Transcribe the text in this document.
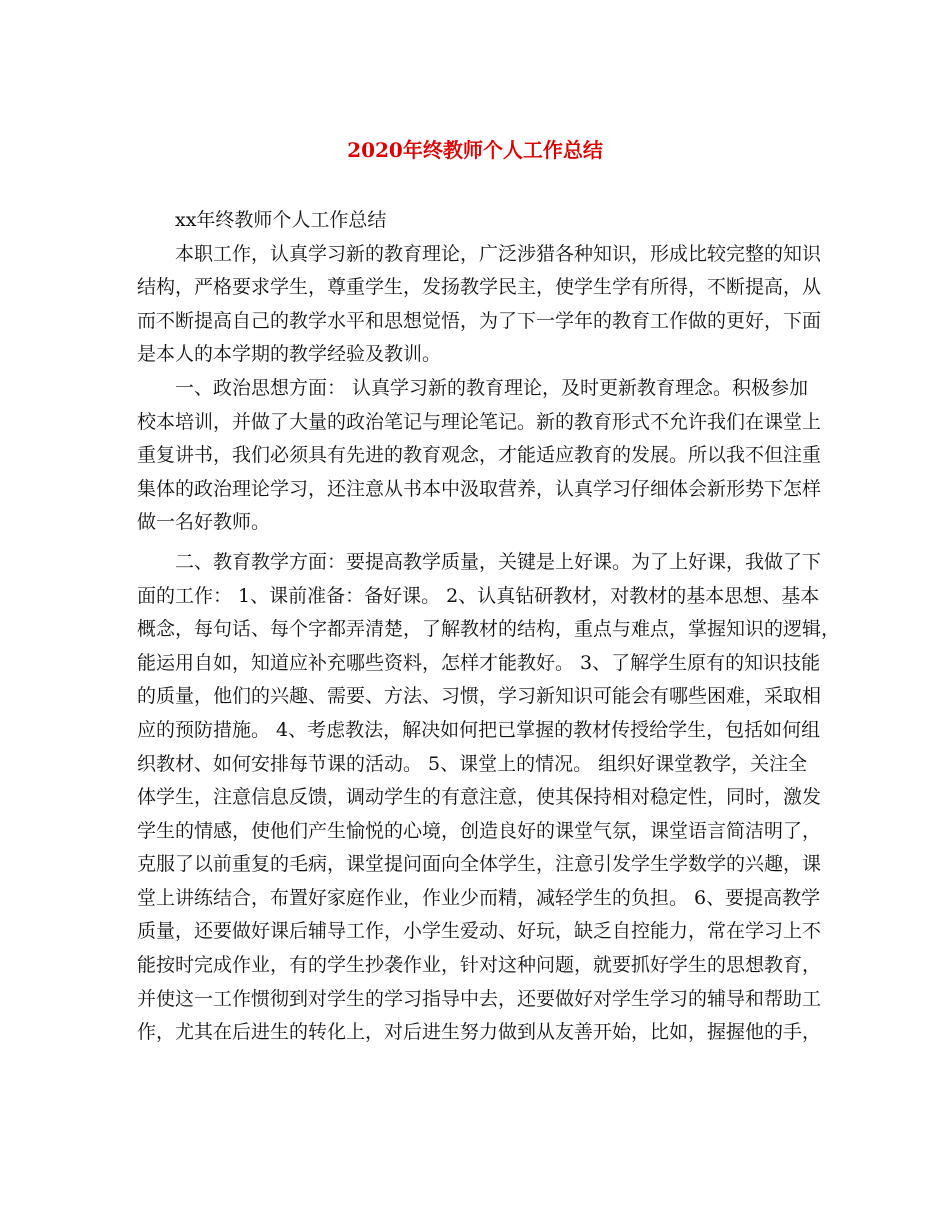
2020年终教师个人工作总结
xx年终教师个人工作总结
本职工作，认真学习新的教育理论，广泛涉猎各种知识，形成比较完整的知识
结构，严格要求学生，尊重学生，发扬教学民主，使学生学有所得，不断提高，从
而不断提高自己的教学水平和思想觉悟，为了下一学年的教育工作做的更好，下面
是本人的本学期的教学经验及教训。
一、政治思想方面： 认真学习新的教育理论，及时更新教育理念。积极参加
校本培训，并做了大量的政治笔记与理论笔记。新的教育形式不允许我们在课堂上
重复讲书，我们必须具有先进的教育观念，才能适应教育的发展。所以我不但注重
集体的政治理论学习，还注意从书本中汲取营养，认真学习仔细体会新形势下怎样
做一名好教师。
二、教育教学方面：要提高教学质量，关键是上好课。为了上好课，我做了下
面的工作： 1、课前准备：备好课。 2、认真钻研教材，对教材的基本思想、基本
概念，每句话、每个字都弄清楚，了解教材的结构，重点与难点，掌握知识的逻辑，
能运用自如，知道应补充哪些资料，怎样才能教好。 3、了解学生原有的知识技能
的质量，他们的兴趣、需要、方法、习惯，学习新知识可能会有哪些困难，采取相
应的预防措施。 4、考虑教法，解决如何把已掌握的教材传授给学生，包括如何组
织教材、如何安排每节课的活动。 5、课堂上的情况。 组织好课堂教学，关注全
体学生，注意信息反馈，调动学生的有意注意，使其保持相对稳定性，同时，激发
学生的情感，使他们产生愉悦的心境，创造良好的课堂气氛，课堂语言简洁明了，
克服了以前重复的毛病，课堂提问面向全体学生，注意引发学生学数学的兴趣，课
堂上讲练结合，布置好家庭作业，作业少而精，减轻学生的负担。 6、要提高教学
质量，还要做好课后辅导工作，小学生爱动、好玩，缺乏自控能力，常在学习上不
能按时完成作业，有的学生抄袭作业，针对这种问题，就要抓好学生的思想教育，
并使这一工作惯彻到对学生的学习指导中去，还要做好对学生学习的辅导和帮助工
作，尤其在后进生的转化上，对后进生努力做到从友善开始，比如，握握他的手，
